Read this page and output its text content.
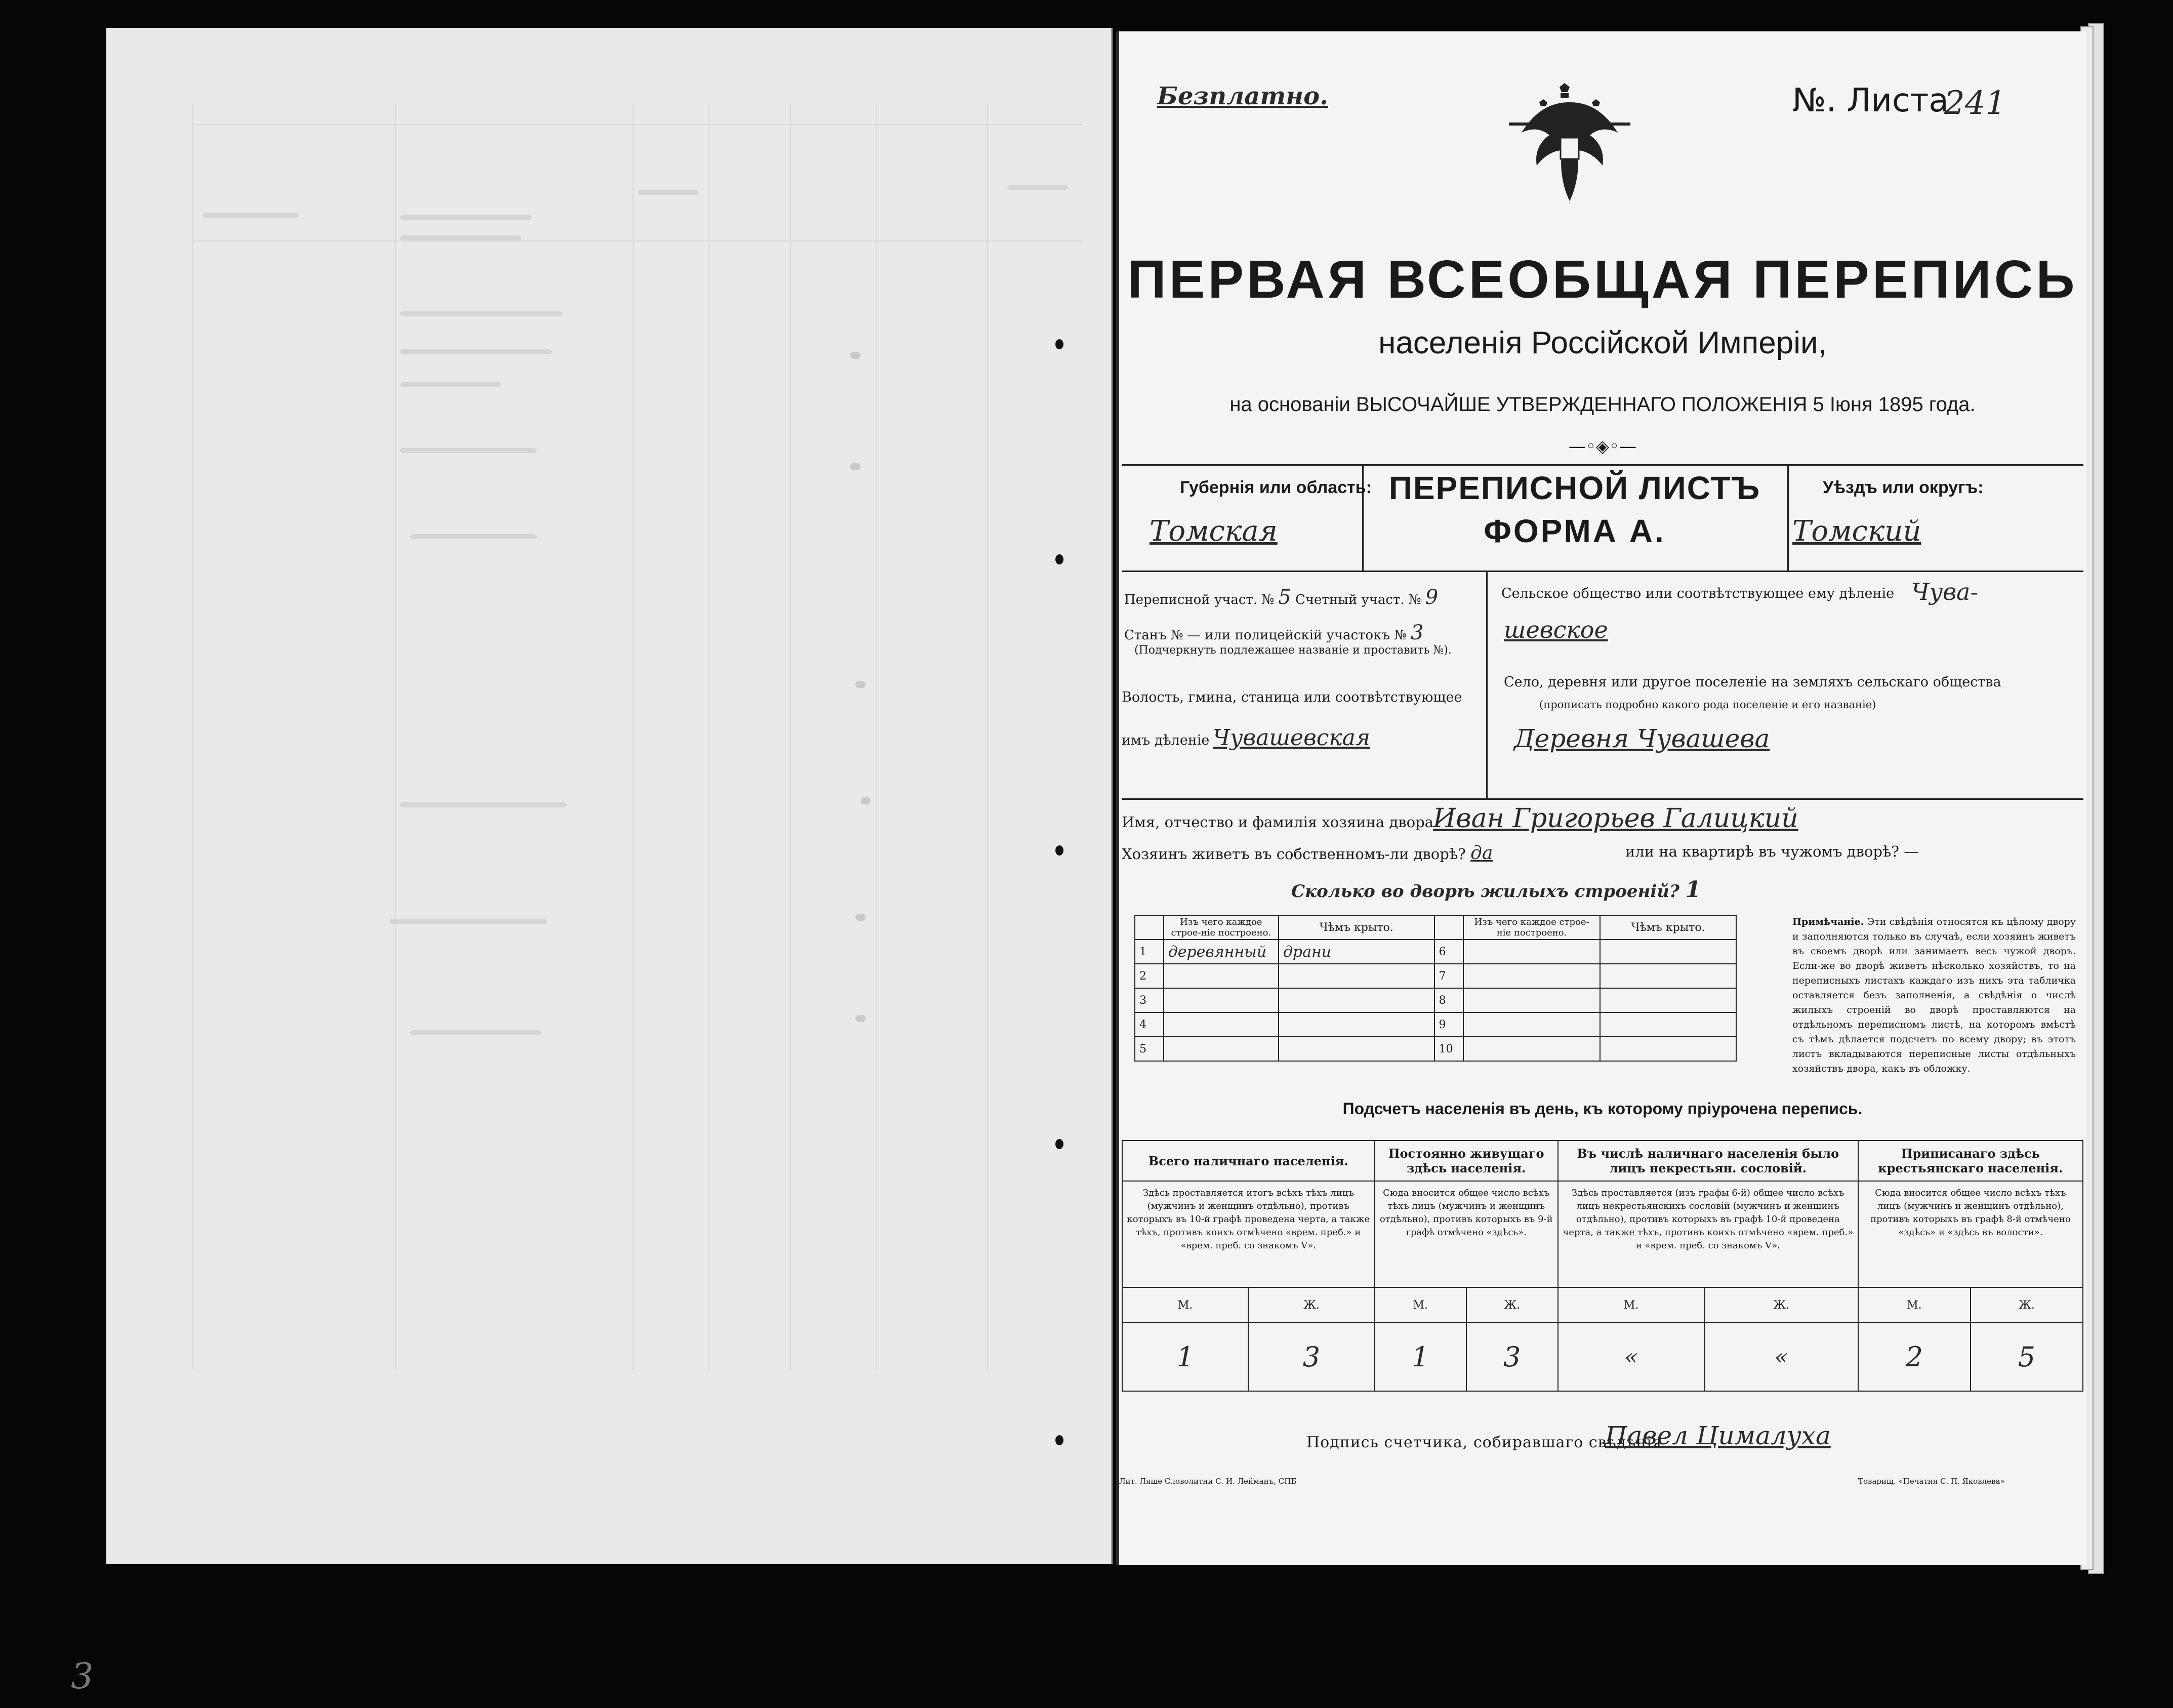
Безплатно.	№. Листа
241
ПЕРВАЯ ВСЕОБЩАЯ ПЕРЕПИСЬ
населенія Россійской Имперіи,
на основаніи ВЫСОЧАЙШЕ УТВЕРЖДЕННАГО ПОЛОЖЕНІЯ 5 Іюня 1895 года.
—◦◈◦—
Губернія или область:
Томская
ПЕРЕПИСНОЙ ЛИСТЪ
ФОРМА А.
Уѣздъ или округъ:
Томский
Переписной участ. № 5 Счетный участ. № 9
Станъ № — или полицейскій участокъ № 3
(Подчеркнуть подлежащее названіе и проставить №).
Волость, гмина, станица или соотвѣтствующее
имъ дѣленіе Чувашевская
Сельское общество или соотвѣтствующее ему дѣленіе Чува-
шевское
Село, деревня или другое поселеніе на земляхъ сельскаго общества
(прописать подробно какого рода поселеніе и его названіе)
Деревня Чувашева
Имя, отчество и фамилія хозяина двора Иван Григорьев Галицкий
Хозяинъ живетъ въ собственномъ-ли дворѣ? да	или на квартирѣ въ чужомъ дворѣ? —
Сколько во дворѣ жилыхъ строеній? 1
	Изъ чего каждое строе-ніе построено.	Чѣмъ крыто.		Изъ чего каждое строе-ніе построено.	Чѣмъ крыто.
1	деревянный	драни	6		
2			7		
3			8		
4			9		
5			10		
Примѣчаніе. Эти свѣдѣнія относятся къ цѣлому двору и заполняются только въ случаѣ, если хозяинъ живетъ въ своемъ дворѣ или занимаетъ весь чужой дворъ. Если-же во дворѣ живетъ нѣсколько хозяйствъ, то на переписныхъ листахъ каждаго изъ нихъ эта табличка оставляется безъ заполненія, а свѣдѣнія о числѣ жилыхъ строеній во дворѣ проставляются на отдѣльномъ переписномъ листѣ, на которомъ вмѣстѣ съ тѣмъ дѣлается подсчетъ по всему двору; въ этотъ листъ вкладываются переписные листы отдѣльныхъ хозяйствъ двора, какъ въ обложку.
Подсчетъ населенія въ день, къ которому пріурочена перепись.
Всего наличнаго населенія.		Постоянно живущаго здѣсь населенія.		Въ числѣ наличнаго населенія было лицъ некрестьян. сословій.		Приписанаго здѣсь крестьянскаго населенія.	
Здѣсь проставляется итогъ всѣхъ тѣхъ лицъ (мужчинъ и женщинъ отдѣльно), противъ которыхъ въ 10-й графѣ проведена черта, а также тѣхъ, противъ коихъ отмѣчено «врем. преб.» и «врем. преб. со знакомъ V».		Сюда вносится общее число всѣхъ тѣхъ лицъ (мужчинъ и женщинъ отдѣльно), противъ которыхъ въ 9-й графѣ отмѣчено «здѣсь».		Здѣсь проставляется (изъ графы 6-й) общее число всѣхъ лицъ некрестьянскихъ сословій (мужчинъ и женщинъ отдѣльно), противъ которыхъ въ графѣ 10-й проведена черта, а также тѣхъ, противъ коихъ отмѣчено «врем. преб.» и «врем. преб. со знакомъ V».		Сюда вносится общее число всѣхъ тѣхъ лицъ (мужчинъ и женщинъ отдѣльно), противъ которыхъ въ графѣ 8-й отмѣчено «здѣсь» и «здѣсь въ волости».	
М.	Ж.	М.	Ж.	М.	Ж.	М.	Ж.
1	3	1	3	«	«	2	5
Подпись счетчика, собиравшаго свѣдѣнія
Павел Цималуха
Лит. Ляше Словолитни С. И. Лейманъ, СПБ	Товарищ. «Печатня С. П. Яковлева»
3
